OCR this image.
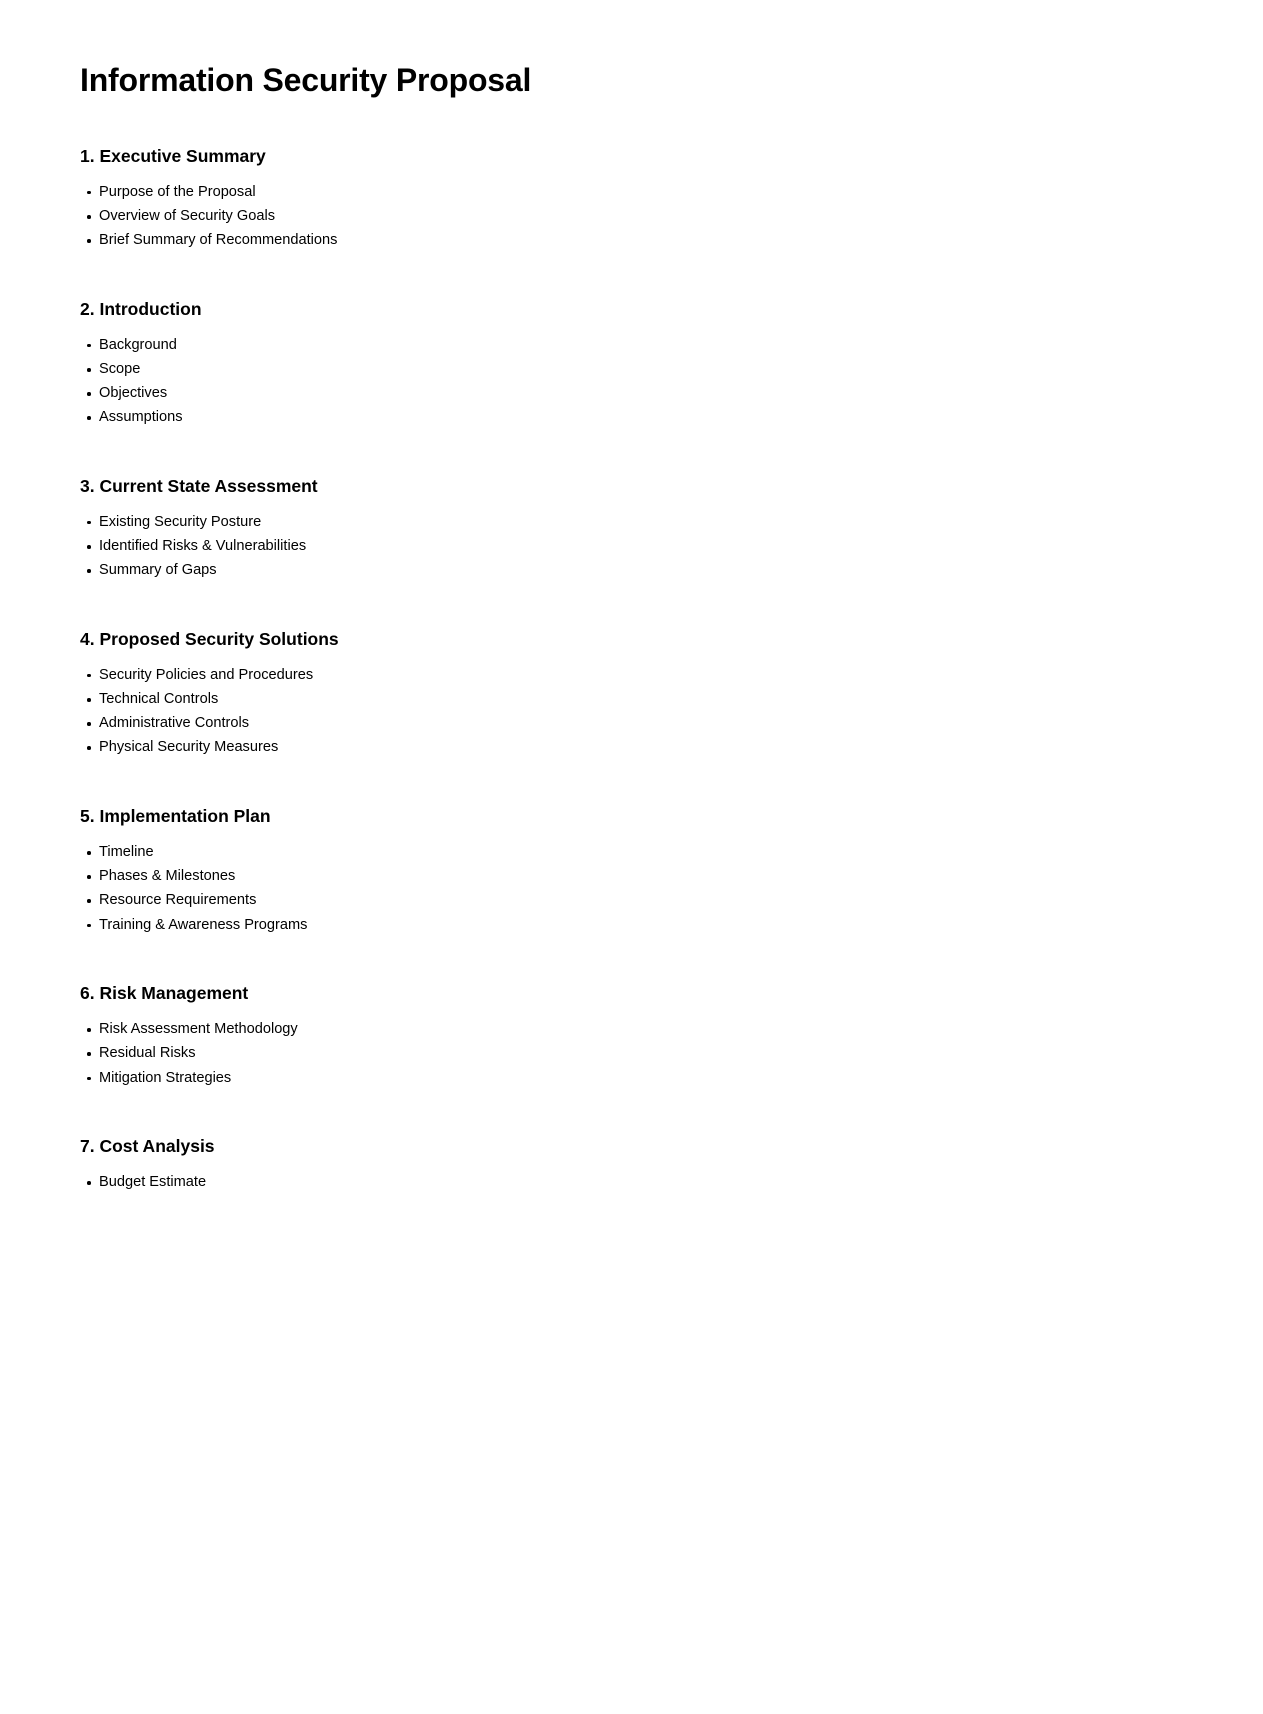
Information Security Proposal
1. Executive Summary
Purpose of the Proposal
Overview of Security Goals
Brief Summary of Recommendations
2. Introduction
Background
Scope
Objectives
Assumptions
3. Current State Assessment
Existing Security Posture
Identified Risks & Vulnerabilities
Summary of Gaps
4. Proposed Security Solutions
Security Policies and Procedures
Technical Controls
Administrative Controls
Physical Security Measures
5. Implementation Plan
Timeline
Phases & Milestones
Resource Requirements
Training & Awareness Programs
6. Risk Management
Risk Assessment Methodology
Residual Risks
Mitigation Strategies
7. Cost Analysis
Budget Estimate
